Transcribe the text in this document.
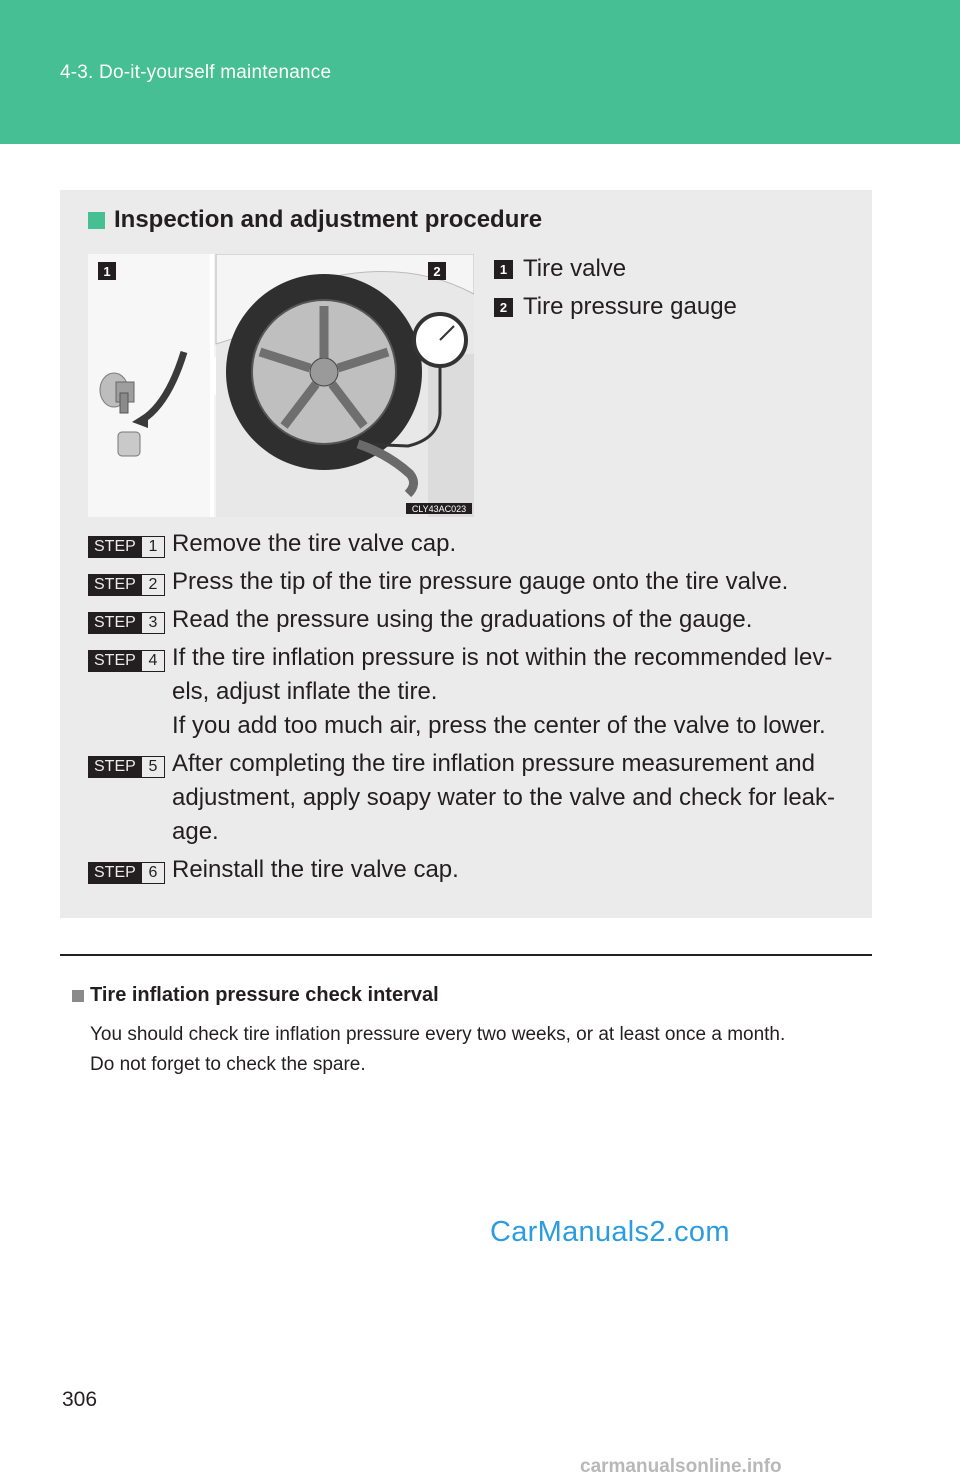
4-3. Do-it-yourself maintenance
Inspection and adjustment procedure
1	2
CLY43AC023
1 Tire valve
2 Tire pressure gauge
STEP 1 Remove the tire valve cap.

STEP 2 Press the tip of the tire pressure gauge onto the tire valve.

STEP 3 Read the pressure using the graduations of the gauge.

STEP 4 If the tire inflation pressure is not within the recommended lev-

els, adjust inflate the tire.

If you add too much air, press the center of the valve to lower.

STEP 5 After completing the tire inflation pressure measurement and

adjustment, apply soapy water to the valve and check for leak-

age.

STEP 6 Reinstall the tire valve cap.

Tire inflation pressure check interval

You should check tire inflation pressure every two weeks, or at least once a month.

Do not forget to check the spare.

CarManuals2.com
306
carmanualsonline.info
